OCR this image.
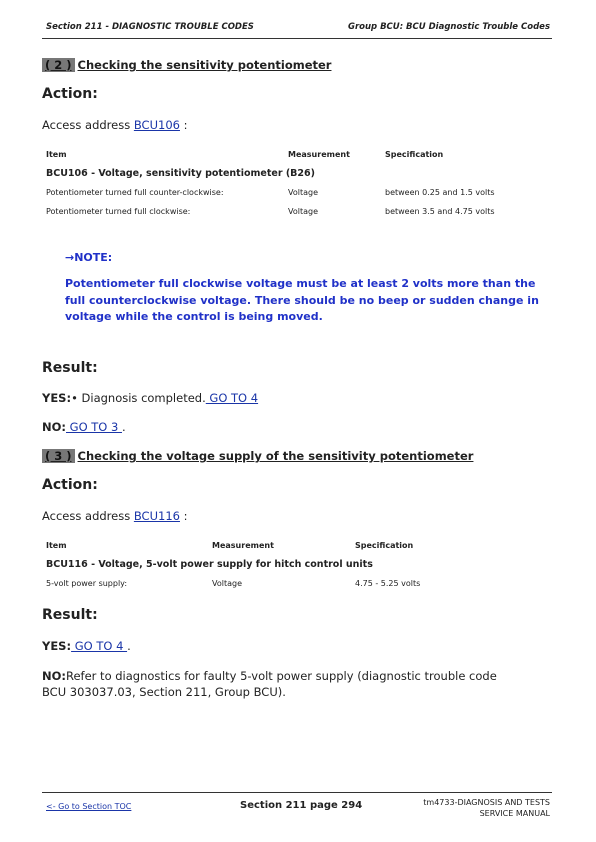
Section 211 - DIAGNOSTIC TROUBLE CODES	Group BCU: BCU Diagnostic Trouble Codes
( 2 ) Checking the sensitivity potentiometer
Action:
Access address BCU106 :
Item	Measurement	Specification
BCU106 - Voltage, sensitivity potentiometer (B26)		
Potentiometer turned full counter-clockwise:	Voltage	between 0.25 and 1.5 volts
Potentiometer turned full clockwise:	Voltage	between 3.5 and 4.75 volts
→NOTE:
Potentiometer full clockwise voltage must be at least 2 volts more than the full counterclockwise voltage. There should be no beep or sudden change in voltage while the control is being moved.
Result:
YES:• Diagnosis completed. GO TO 4
NO: GO TO 3 .
( 3 ) Checking the voltage supply of the sensitivity potentiometer
Action:
Access address BCU116 :
Item	Measurement	Specification
BCU116 - Voltage, 5-volt power supply for hitch control units		
5-volt power supply:	Voltage	4.75 - 5.25 volts
Result:
YES: GO TO 4 .
NO:Refer to diagnostics for faulty 5-volt power supply (diagnostic trouble code BCU 303037.03, Section 211, Group BCU).
<- Go to Section TOC	Section 211 page 294	tm4733-DIAGNOSIS AND TESTS
SERVICE MANUAL
